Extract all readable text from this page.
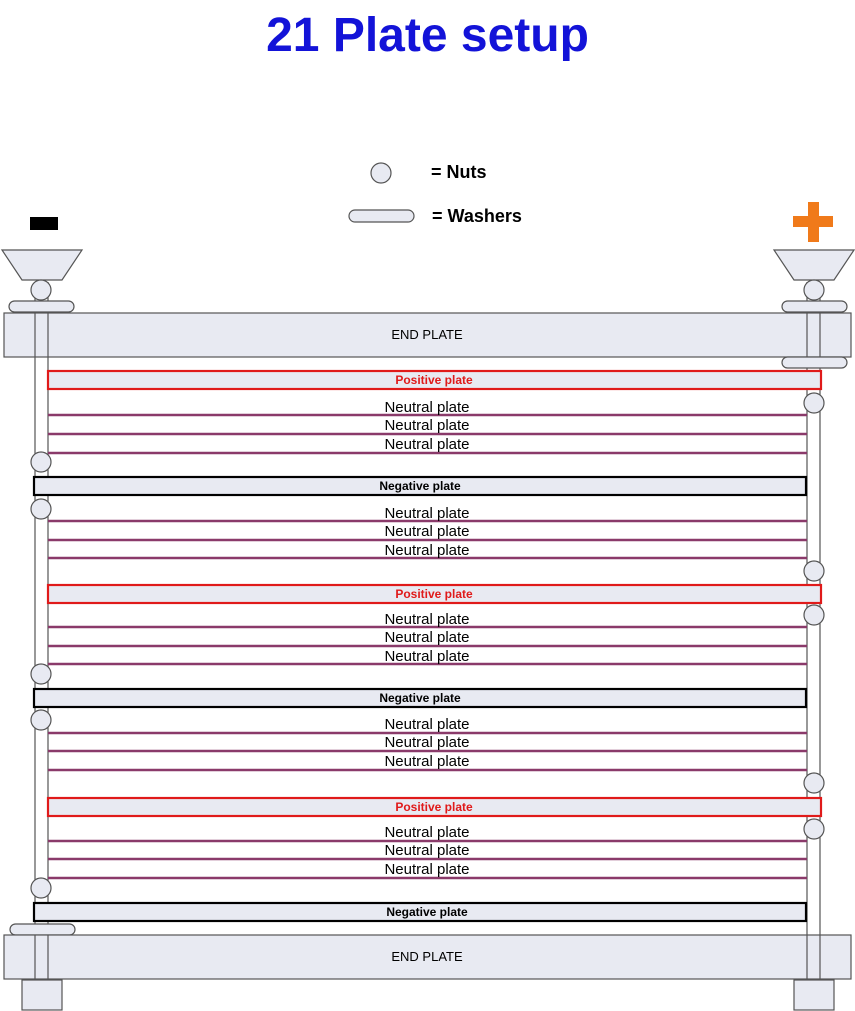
21 Plate setup
= Nuts
= Washers
END PLATE
Positive plate
Neutral plate
Neutral plate
Neutral plate
Negative plate
Neutral plate
Neutral plate
Neutral plate
Positive plate
Neutral plate
Neutral plate
Neutral plate
Negative plate
Neutral plate
Neutral plate
Neutral plate
Positive plate
Neutral plate
Neutral plate
Neutral plate
Negative plate
END PLATE
